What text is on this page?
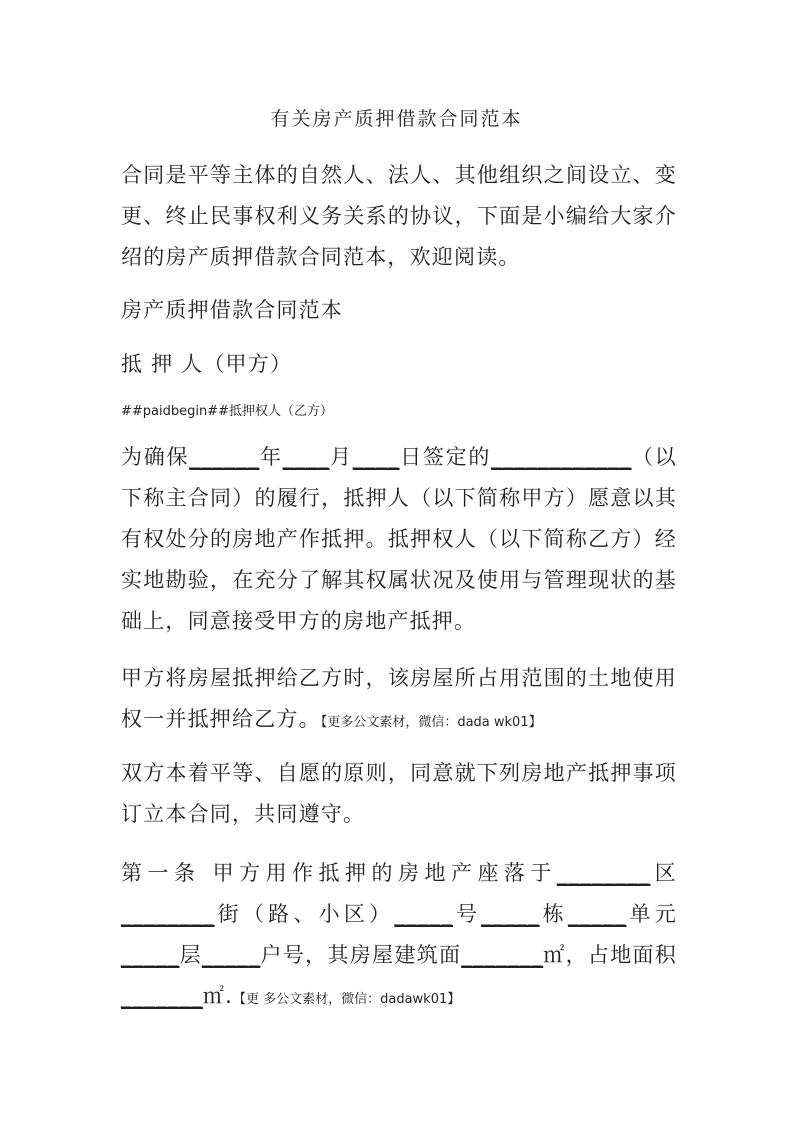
有关房产质押借款合同范本

合同是平等主体的自然人、法人、其他组织之间设立、变更、终止民事权利义务关系的协议，下面是小编给大家介绍的房产质押借款合同范本，欢迎阅读。

房产质押借款合同范本

抵 押 人（甲方）

##paidbegin##抵押权人（乙方）

为确保______年____月____日签定的____________（以下称主合同）的履行，抵押人（以下简称甲方）愿意以其有权处分的房地产作抵押。抵押权人（以下简称乙方）经实地勘验，在充分了解其权属状况及使用与管理现状的基础上，同意接受甲方的房地产抵押。

甲方将房屋抵押给乙方时，该房屋所占用范围的土地使用权一并抵押给乙方。【更多公文素材，微信：dada wk01】

双方本着平等、自愿的原则，同意就下列房地产抵押事项订立本合同，共同遵守。

第一条 甲方用作抵押的房地产座落于________区________街（路、小区）_____号_____栋_____单元_____层_____户号，其房屋建筑面_______㎡，占地面积_______㎡.【更 多公文素材，微信：dadawk01】
